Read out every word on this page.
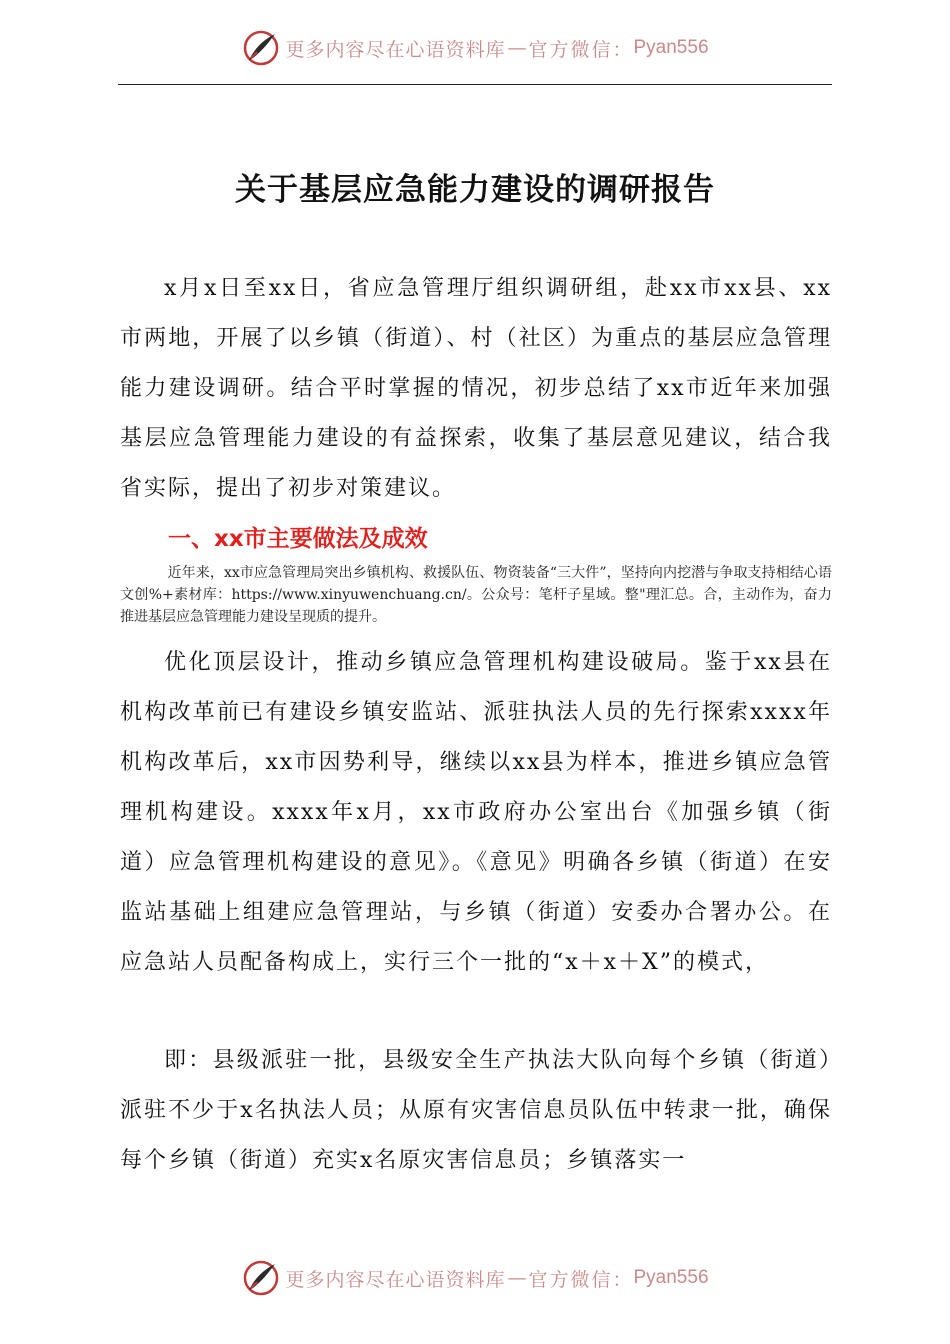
更多内容尽在心语资料库 — 官方微信： Pyan556
关于基层应急能力建设的调研报告

x月x日至xx日，省应急管理厅组织调研组，赴xx市xx县、xx市两地，开展了以乡镇（街道）、村（社区）为重点的基层应急管理能力建设调研。结合平时掌握的情况，初步总结了xx市近年来加强基层应急管理能力建设的有益探索，收集了基层意见建议，结合我省实际，提出了初步对策建议。

一、xx市主要做法及成效

近年来，xx市应急管理局突出乡镇机构、救援队伍、物资装备“三大件”，坚持向内挖潜与争取支持相结心语文创%+素材库：https://www.xinyuwenchuang.cn/。公众号：笔杆子星域。整"理汇总。合，主动作为，奋力推进基层应急管理能力建设呈现质的提升。

优化顶层设计，推动乡镇应急管理机构建设破局。鉴于xx县在机构改革前已有建设乡镇安监站、派驻执法人员的先行探索xxxx年机构改革后，xx市因势利导，继续以xx县为样本，推进乡镇应急管理机构建设。xxxx年x月，xx市政府办公室出台《加强乡镇（街道）应急管理机构建设的意见》。《意见》明确各乡镇（街道）在安监站基础上组建应急管理站，与乡镇（街道）安委办合署办公。在应急站人员配备构成上，实行三个一批的“x＋x＋X”的模式，

即：县级派驻一批，县级安全生产执法大队向每个乡镇（街道）派驻不少于x名执法人员；从原有灾害信息员队伍中转隶一批，确保每个乡镇（街道）充实x名原灾害信息员；乡镇落实一

更多内容尽在心语资料库 — 官方微信： Pyan556
